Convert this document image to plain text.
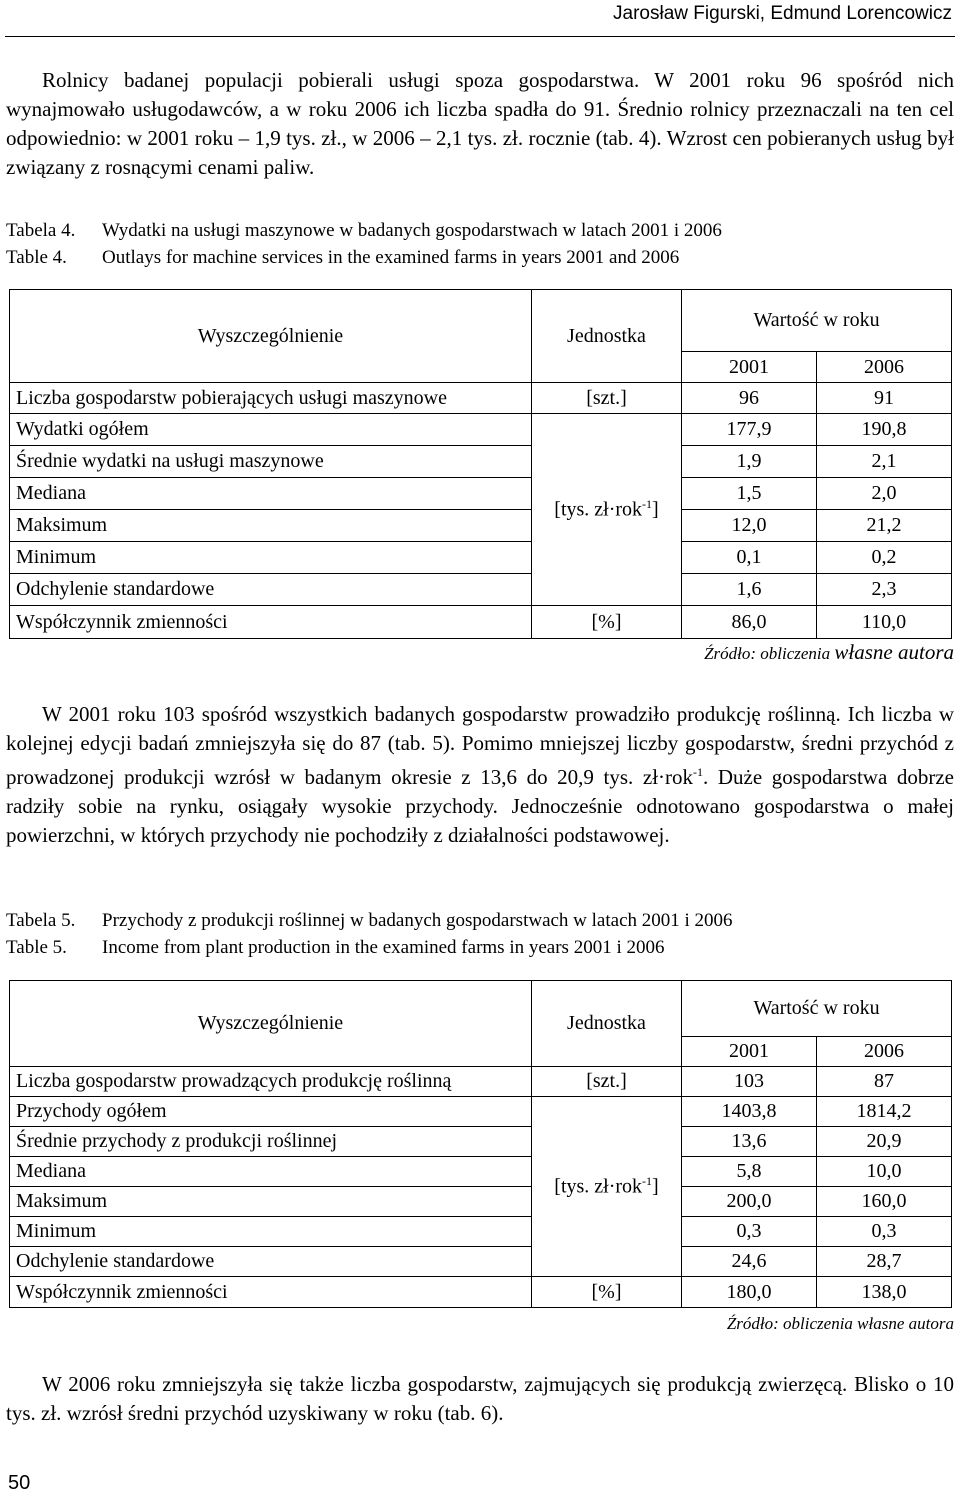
Jarosław Figurski, Edmund Lorencowicz

Rolnicy badanej populacji pobierali usługi spoza gospodarstwa. W 2001 roku 96 spośród nich wynajmowało usługodawców, a w roku 2006 ich liczba spadła do 91. Średnio rolnicy przeznaczali na ten cel odpowiednio: w 2001 roku – 1,9 tys. zł., w 2006 – 2,1 tys. zł. rocznie (tab. 4). Wzrost cen pobieranych usług był związany z rosnącymi cenami paliw.

Tabela 4. Wydatki na usługi maszynowe w badanych gospodarstwach w latach 2001 i 2006
Table 4. Outlays for machine services in the examined farms in years 2001 and 2006
Wyszczególnienie	Jednostka	Wartość w roku	
		2001	2006
Liczba gospodarstw pobierających usługi maszynowe	[szt.]	96	91
Wydatki ogółem	[tys. zł·rok$^{-1}$]	177,9	190,8
Średnie wydatki na usługi maszynowe		1,9	2,1
Mediana		1,5	2,0
Maksimum		12,0	21,2
Minimum		0,1	0,2
Odchylenie standardowe		1,6	2,3
Współczynnik zmienności	[%]	86,0	110,0
Źródło: obliczenia własne autora

W 2001 roku 103 spośród wszystkich badanych gospodarstw prowadziło produkcję roślinną. Ich liczba w kolejnej edycji badań zmniejszyła się do 87 (tab. 5). Pomimo mniejszej liczby gospodarstw, średni przychód z prowadzonej produkcji wzrósł w badanym okresie z 13,6 do 20,9 tys. zł·rok$^{-1}$. Duże gospodarstwa dobrze radziły sobie na rynku, osiągały wysokie przychody. Jednocześnie odnotowano gospodarstwa o małej powierzchni, w których przychody nie pochodziły z działalności podstawowej.

Tabela 5. Przychody z produkcji roślinnej w badanych gospodarstwach w latach 2001 i 2006
Table 5. Income from plant production in the examined farms in years 2001 i 2006
Wyszczególnienie	Jednostka	Wartość w roku	
		2001	2006
Liczba gospodarstw prowadzących produkcję roślinną	[szt.]	103	87
Przychody ogółem	[tys. zł·rok$^{-1}$]	1403,8	1814,2
Średnie przychody z produkcji roślinnej		13,6	20,9
Mediana		5,8	10,0
Maksimum		200,0	160,0
Minimum		0,3	0,3
Odchylenie standardowe		24,6	28,7
Współczynnik zmienności	[%]	180,0	138,0
Źródło: obliczenia własne autora

W 2006 roku zmniejszyła się także liczba gospodarstw, zajmujących się produkcją zwierzęcą. Blisko o 10 tys. zł. wzrósł średni przychód uzyskiwany w roku (tab. 6).

50
